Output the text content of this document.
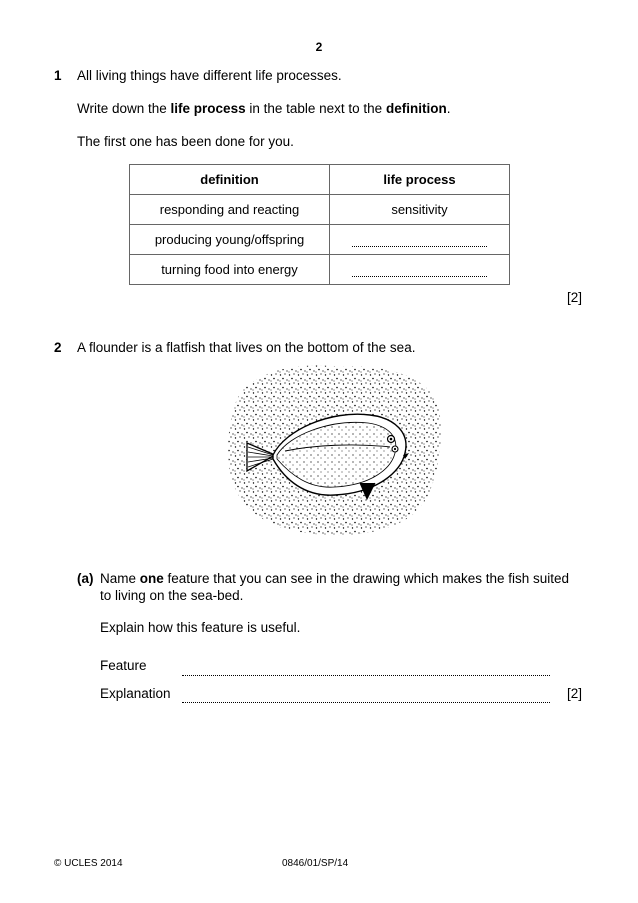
2
1 All living things have different life processes.
Write down the life process in the table next to the definition.
The first one has been done for you.
definition	life process
responding and reacting	sensitivity
producing young/offspring	
turning food into energy	
[2]
2 A flounder is a flatfish that lives on the bottom of the sea.
(a) Name one feature that you can see in the drawing which makes the fish suited
to living on the sea-bed.
Explain how this feature is useful.
Feature
Explanation	[2]
© UCLES 2014	0846/01/SP/14
